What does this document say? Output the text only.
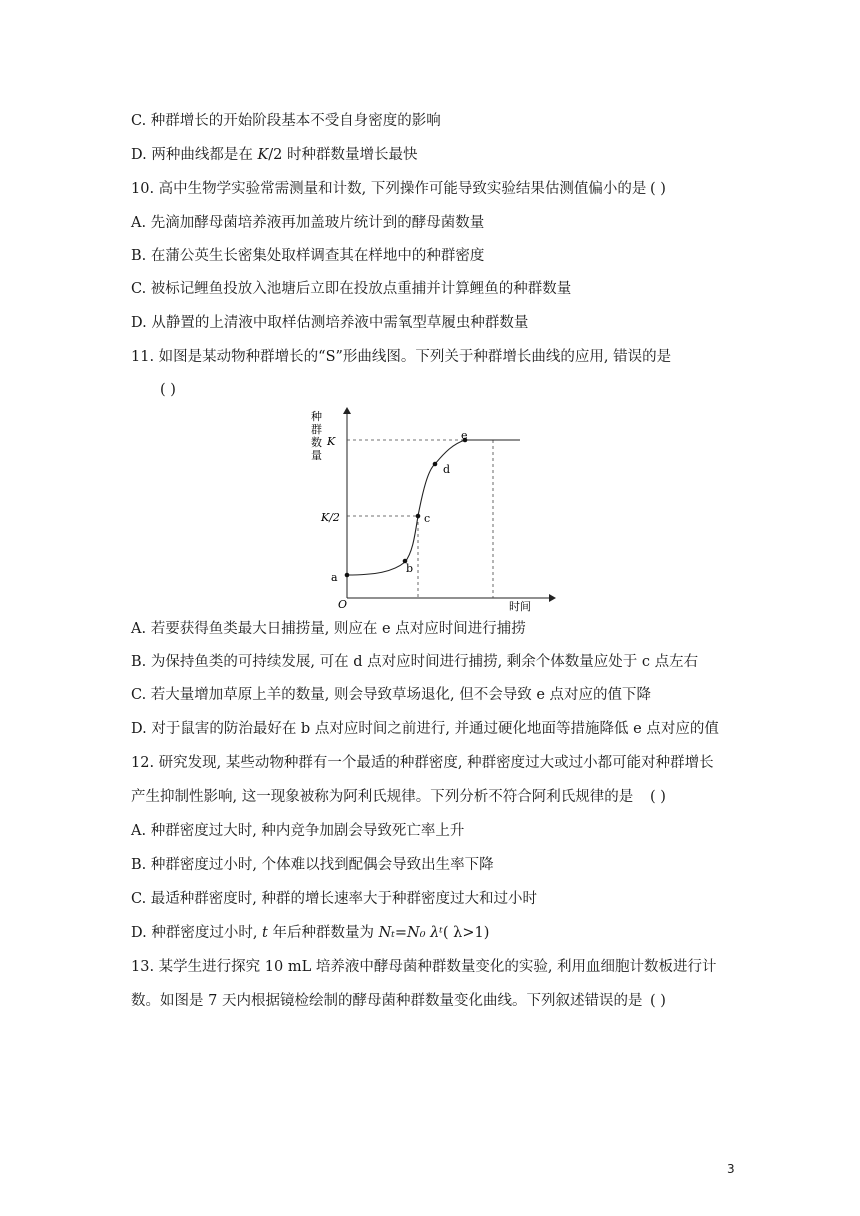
C. 种群增长的开始阶段基本不受自身密度的影响
D. 两种曲线都是在 K/2 时种群数量增长最快
10. 高中生物学实验常需测量和计数, 下列操作可能导致实验结果估测值偏小的是 ( )
A. 先滴加酵母菌培养液再加盖玻片统计到的酵母菌数量
B. 在蒲公英生长密集处取样调查其在样地中的种群密度
C. 被标记鲤鱼投放入池塘后立即在投放点重捕并计算鲤鱼的种群数量
D. 从静置的上清液中取样估测培养液中需氧型草履虫种群数量
11. 如图是某动物种群增长的“S”形曲线图。下列关于种群增长曲线的应用, 错误的是
( )
a
b
c
d
e
K
K/2
O	时间
种
群
数
量
A. 若要获得鱼类最大日捕捞量, 则应在 e 点对应时间进行捕捞
B. 为保持鱼类的可持续发展, 可在 d 点对应时间进行捕捞, 剩余个体数量应处于 c 点左右
C. 若大量增加草原上羊的数量, 则会导致草场退化, 但不会导致 e 点对应的值下降
D. 对于鼠害的防治最好在 b 点对应时间之前进行, 并通过硬化地面等措施降低 e 点对应的值
12. 研究发现, 某些动物种群有一个最适的种群密度, 种群密度过大或过小都可能对种群增长
产生抑制性影响, 这一现象被称为阿利氏规律。下列分析不符合阿利氏规律的是 ( )
A. 种群密度过大时, 种内竞争加剧会导致死亡率上升
B. 种群密度过小时, 个体难以找到配偶会导致出生率下降
C. 最适种群密度时, 种群的增长速率大于种群密度过大和过小时
D. 种群密度过小时, t 年后种群数量为 Nₜ=N₀ λᵗ( λ>1)
13. 某学生进行探究 10 mL 培养液中酵母菌种群数量变化的实验, 利用血细胞计数板进行计
数。如图是 7 天内根据镜检绘制的酵母菌种群数量变化曲线。下列叙述错误的是 ( )
3
